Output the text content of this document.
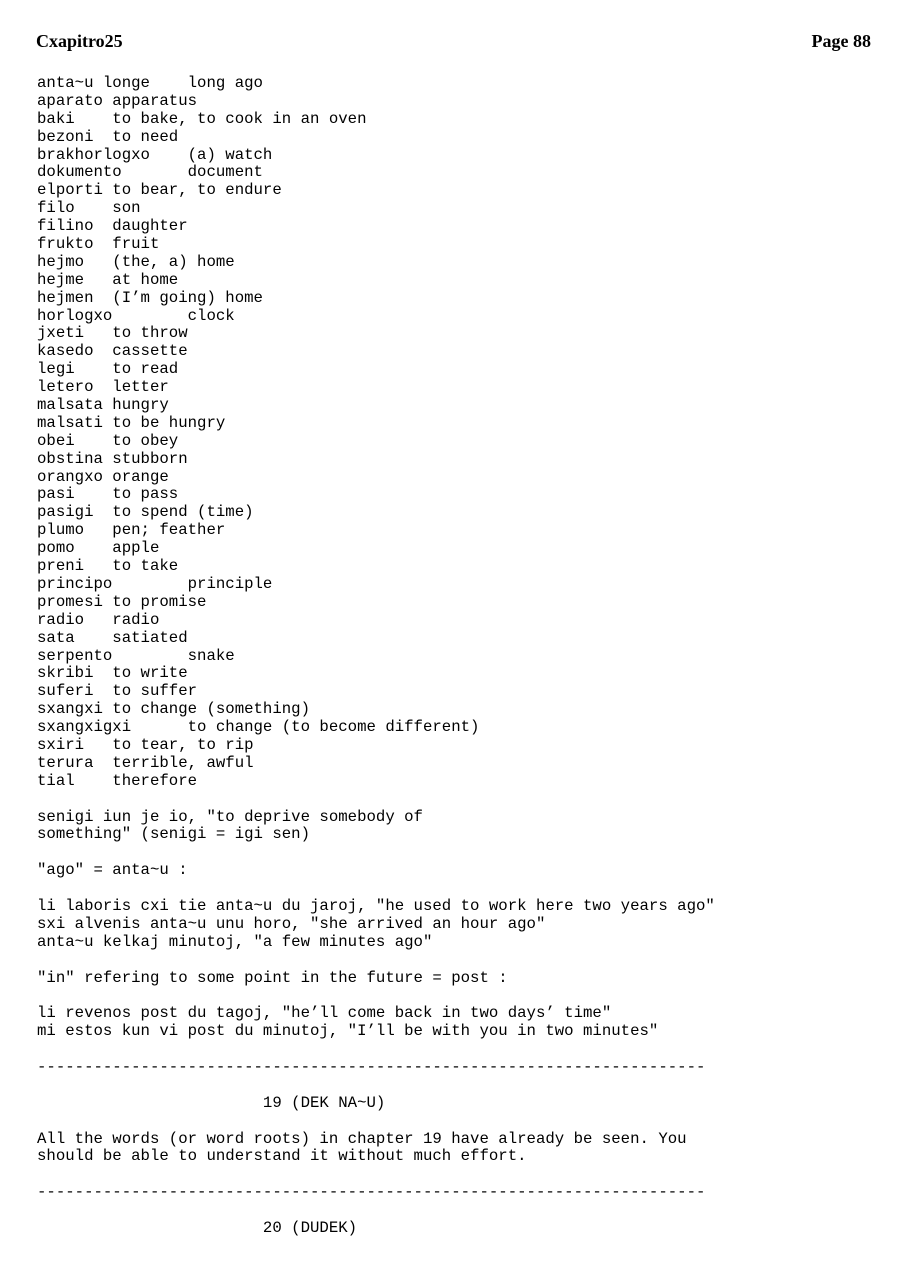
Cxapitro25	Page 88
anta~u longe    long ago
aparato apparatus
baki    to bake, to cook in an oven
bezoni  to need
brakhorlogxo    (a) watch
dokumento       document
elporti to bear, to endure
filo    son
filino  daughter
frukto  fruit
hejmo   (the, a) home
hejme   at home
hejmen  (I’m going) home
horlogxo        clock
jxeti   to throw
kasedo  cassette
legi    to read
letero  letter
malsata hungry
malsati to be hungry
obei    to obey
obstina stubborn
orangxo orange
pasi    to pass
pasigi  to spend (time)
plumo   pen; feather
pomo    apple
preni   to take
principo        principle
promesi to promise
radio   radio
sata    satiated
serpento        snake
skribi  to write
suferi  to suffer
sxangxi to change (something)
sxangxigxi      to change (to become different)
sxiri   to tear, to rip
terura  terrible, awful
tial    therefore
senigi iun je io, "to deprive somebody of
something" (senigi = igi sen)
"ago" = anta~u :
li laboris cxi tie anta~u du jaroj, "he used to work here two years ago"
sxi alvenis anta~u unu horo, "she arrived an hour ago"
anta~u kelkaj minutoj, "a few minutes ago"
"in" refering to some point in the future = post :
li revenos post du tagoj, "he’ll come back in two days’ time"
mi estos kun vi post du minutoj, "I’ll be with you in two minutes"
-----------------------------------------------------------------------
19 (DEK NA~U)
All the words (or word roots) in chapter 19 have already be seen. You
should be able to understand it without much effort.
-----------------------------------------------------------------------
20 (DUDEK)
